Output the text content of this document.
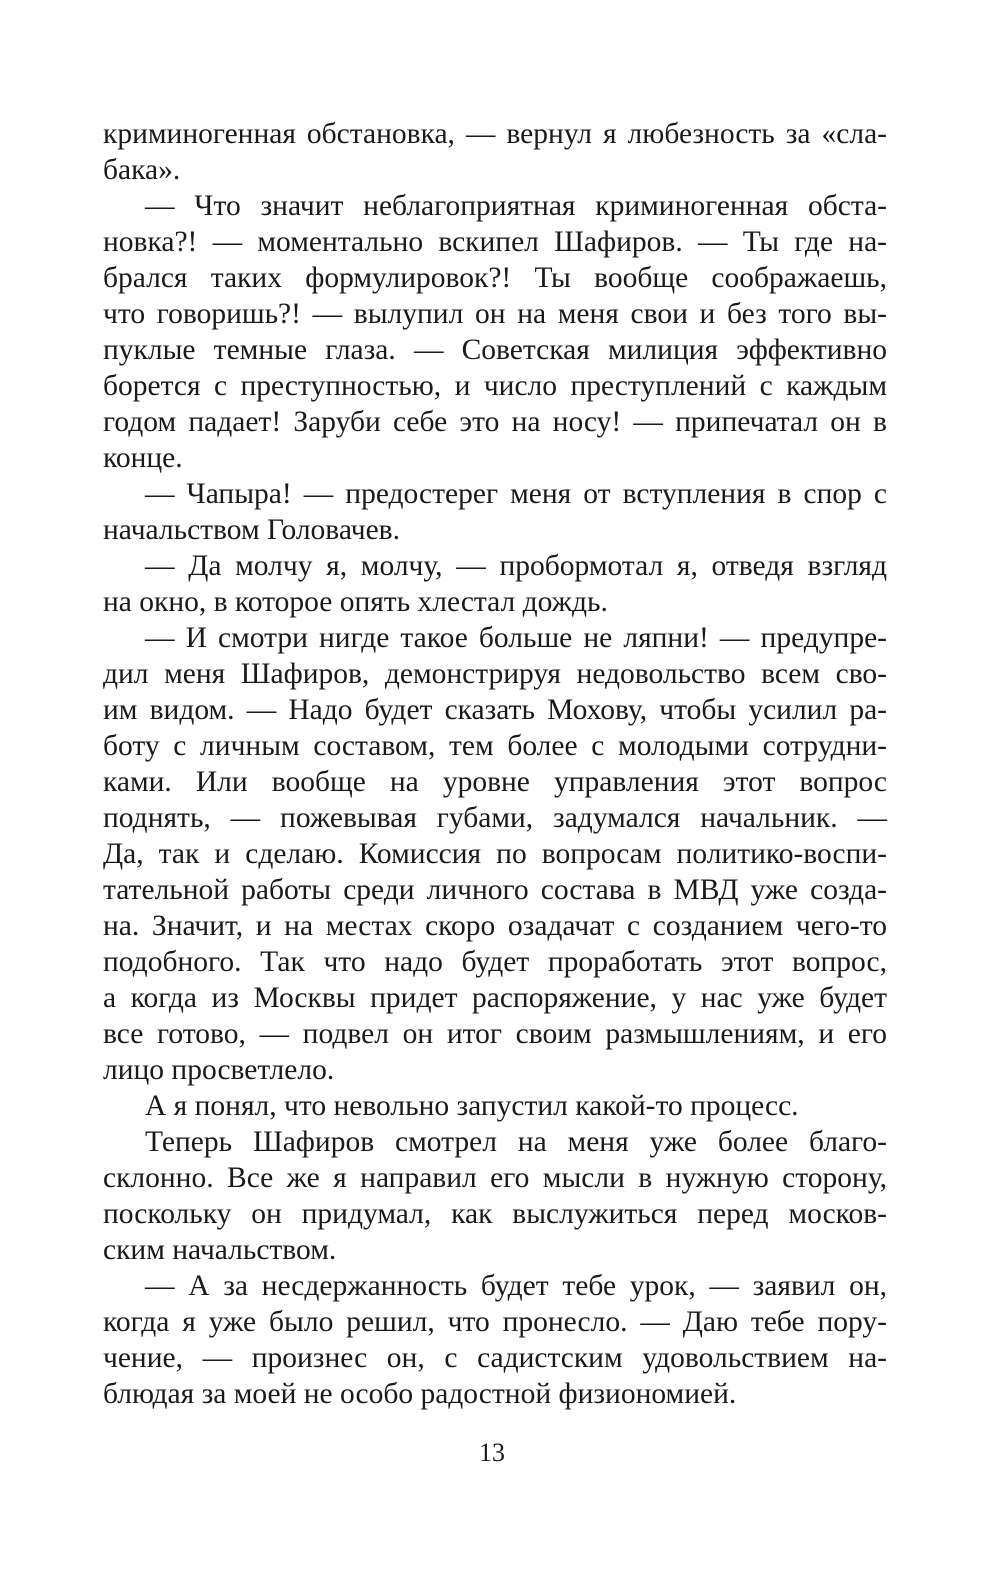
криминогенная обстановка, — вернул я любезность за «сла-
бака».
— Что значит неблагоприятная криминогенная обста-
новка?! — моментально вскипел Шафиров. — Ты где на-
брался таких формулировок?! Ты вообще соображаешь,
что говоришь?! — вылупил он на меня свои и без того вы-
пуклые темные глаза. — Советская милиция эффективно
борется с преступностью, и число преступлений с каждым
годом падает! Заруби себе это на носу! — припечатал он в
конце.
— Чапыра! — предостерег меня от вступления в спор с
начальством Головачев.
— Да молчу я, молчу, — пробормотал я, отведя взгляд
на окно, в которое опять хлестал дождь.
— И смотри нигде такое больше не ляпни! — предупре-
дил меня Шафиров, демонстрируя недовольство всем сво-
им видом. — Надо будет сказать Мохову, чтобы усилил ра-
боту с личным составом, тем более с молодыми сотрудни-
ками. Или вообще на уровне управления этот вопрос
поднять, — пожевывая губами, задумался начальник. —
Да, так и сделаю. Комиссия по вопросам политико-воспи-
тательной работы среди личного состава в МВД уже созда-
на. Значит, и на местах скоро озадачат с созданием чего-то
подобного. Так что надо будет проработать этот вопрос,
а когда из Москвы придет распоряжение, у нас уже будет
все готово, — подвел он итог своим размышлениям, и его
лицо просветлело.
А я понял, что невольно запустил какой-то процесс.
Теперь Шафиров смотрел на меня уже более благо-
склонно. Все же я направил его мысли в нужную сторону,
поскольку он придумал, как выслужиться перед москов-
ским начальством.
— А за несдержанность будет тебе урок, — заявил он,
когда я уже было решил, что пронесло. — Даю тебе пору-
чение, — произнес он, с садистским удовольствием на-
блюдая за моей не особо радостной физиономией.
13
